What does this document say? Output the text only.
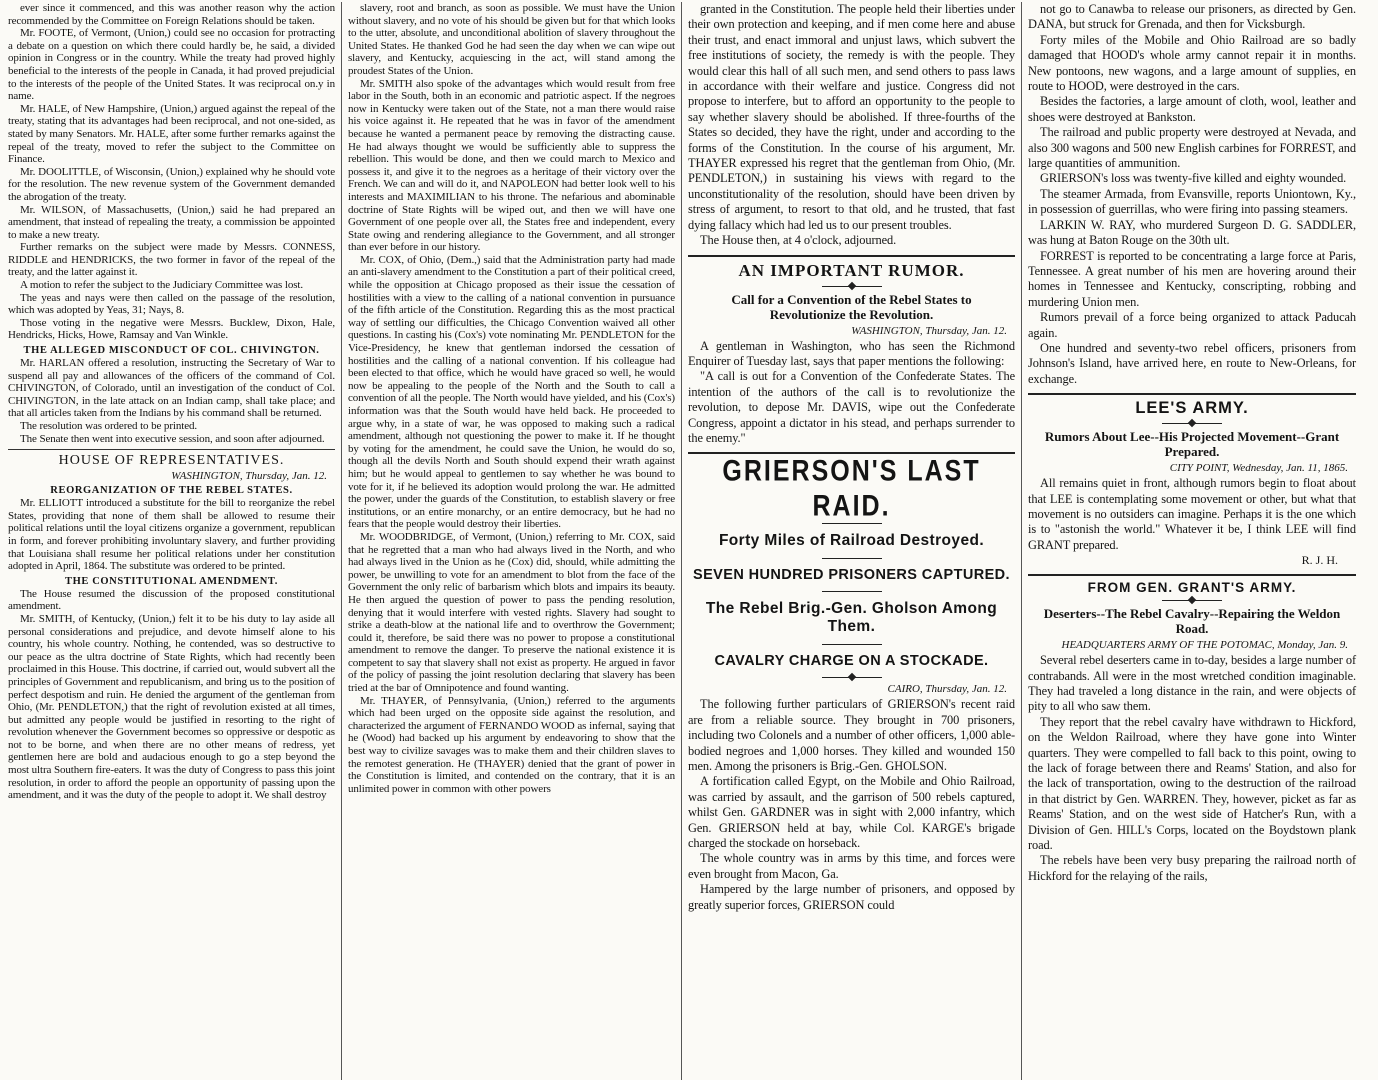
ever since it commenced, and this was another reason why the action recommended by the Committee on Foreign Relations should be taken.

Mr. FOOTE, of Vermont, (Union,) could see no occasion for protracting a debate on a question on which there could hardly be, he said, a divided opinion in Congress or in the country. While the treaty had proved highly beneficial to the interests of the people in Canada, it had proved prejudicial to the interests of the people of the United States. It was reciprocal on.y in name.

Mr. HALE, of New Hampshire, (Union,) argued against the repeal of the treaty, stating that its advantages had been reciprocal, and not one-sided, as stated by many Senators. Mr. HALE, after some further remarks against the repeal of the treaty, moved to refer the subject to the Committee on Finance.

Mr. DOOLITTLE, of Wisconsin, (Union,) explained why he should vote for the resolution. The new revenue system of the Government demanded the abrogation of the treaty.

Mr. WILSON, of Massachusetts, (Union,) said he had prepared an amendment, that instead of repealing the treaty, a commission be appointed to make a new treaty.

Further remarks on the subject were made by Messrs. CONNESS, RIDDLE and HENDRICKS, the two former in favor of the repeal of the treaty, and the latter against it.

A motion to refer the subject to the Judiciary Committee was lost.

The yeas and nays were then called on the passage of the resolution, which was adopted by Yeas, 31; Nays, 8.

Those voting in the negative were Messrs. Bucklew, Dixon, Hale, Hendricks, Hicks, Howe, Ramsay and Van Winkle.

THE ALLEGED MISCONDUCT OF COL. CHIVINGTON.

Mr. HARLAN offered a resolution, instructing the Secretary of War to suspend all pay and allowances of the officers of the command of Col. CHIVINGTON, of Colorado, until an investigation of the conduct of Col. CHIVINGTON, in the late attack on an Indian camp, shall take place; and that all articles taken from the Indians by his command shall be returned.

The resolution was ordered to be printed.

The Senate then went into executive session, and soon after adjourned.

HOUSE OF REPRESENTATIVES.
WASHINGTON, Thursday, Jan. 12.
REORGANIZATION OF THE REBEL STATES.

Mr. ELLIOTT introduced a substitute for the bill to reorganize the rebel States, providing that none of them shall be allowed to resume their political relations until the loyal citizens organize a government, republican in form, and forever prohibiting involuntary slavery, and further providing that Louisiana shall resume her political relations under her constitution adopted in April, 1864. The substitute was ordered to be printed.

THE CONSTITUTIONAL AMENDMENT.

The House resumed the discussion of the proposed constitutional amendment.

Mr. SMITH, of Kentucky, (Union,) felt it to be his duty to lay aside all personal considerations and prejudice, and devote himself alone to his country, his whole country. Nothing, he contended, was so destructive to our peace as the ultra doctrine of State Rights, which had recently been proclaimed in this House. This doctrine, if carried out, would subvert all the principles of Government and republicanism, and bring us to the position of perfect despotism and ruin. He denied the argument of the gentleman from Ohio, (Mr. PENDLETON,) that the right of revolution existed at all times, but admitted any people would be justified in resorting to the right of revolution whenever the Government becomes so oppressive or despotic as not to be borne, and when there are no other means of redress, yet gentlemen here are bold and audacious enough to go a step beyond the most ultra Southern fire-eaters. It was the duty of Congress to pass this joint resolution, in order to afford the people an opportunity of passing upon the amendment, and it was the duty of the people to adopt it. We shall destroy

slavery, root and branch, as soon as possible. We must have the Union without slavery, and no vote of his should be given but for that which looks to the utter, absolute, and unconditional abolition of slavery throughout the United States. He thanked God he had seen the day when we can wipe out slavery, and Kentucky, acquiescing in the act, will stand among the proudest States of the Union.

Mr. SMITH also spoke of the advantages which would result from free labor in the South, both in an economic and patriotic aspect. If the negroes now in Kentucky were taken out of the State, not a man there would raise his voice against it. He repeated that he was in favor of the amendment because he wanted a permanent peace by removing the distracting cause. He had always thought we would be sufficiently able to suppress the rebellion. This would be done, and then we could march to Mexico and possess it, and give it to the negroes as a heritage of their victory over the French. We can and will do it, and NAPOLEON had better look well to his interests and MAXIMILIAN to his throne. The nefarious and abominable doctrine of State Rights will be wiped out, and then we will have one Government of one people over all, the States free and independent, every State owing and rendering allegiance to the Government, and all stronger than ever before in our history.

Mr. COX, of Ohio, (Dem.,) said that the Administration party had made an anti-slavery amendment to the Constitution a part of their political creed, while the opposition at Chicago proposed as their issue the cessation of hostilities with a view to the calling of a national convention in pursuance of the fifth article of the Constitution. Regarding this as the most practical way of settling our difficulties, the Chicago Convention waived all other questions. In casting his (Cox's) vote nominating Mr. PENDLETON for the Vice-Presidency, he knew that gentleman indorsed the cessation of hostilities and the calling of a national convention. If his colleague had been elected to that office, which he would have graced so well, he would now be appealing to the people of the North and the South to call a convention of all the people. The North would have yielded, and his (Cox's) information was that the South would have held back. He proceeded to argue why, in a state of war, he was opposed to making such a radical amendment, although not questioning the power to make it. If he thought by voting for the amendment, he could save the Union, he would do so, though all the devils North and South should expend their wrath against him; but he would appeal to gentlemen to say whether he was bound to vote for it, if he believed its adoption would prolong the war. He admitted the power, under the guards of the Constitution, to establish slavery or free institutions, or an entire monarchy, or an entire democracy, but he had no fears that the people would destroy their liberties.

Mr. WOODBRIDGE, of Vermont, (Union,) referring to Mr. COX, said that he regretted that a man who had always lived in the North, and who had always lived in the Union as he (Cox) did, should, while admitting the power, be unwilling to vote for an amendment to blot from the face of the Government the only relic of barbarism which blots and impairs its beauty. He then argued the question of power to pass the pending resolution, denying that it would interfere with vested rights. Slavery had sought to strike a death-blow at the national life and to overthrow the Government; could it, therefore, be said there was no power to propose a constitutional amendment to remove the danger. To preserve the national existence it is competent to say that slavery shall not exist as property. He argued in favor of the policy of passing the joint resolution declaring that slavery has been tried at the bar of Omnipotence and found wanting.

Mr. THAYER, of Pennsylvania, (Union,) referred to the arguments which had been urged on the opposite side against the resolution, and characterized the argument of FERNANDO WOOD as infernal, saying that he (Wood) had backed up his argument by endeavoring to show that the best way to civilize savages was to make them and their children slaves to the remotest generation. He (THAYER) denied that the grant of power in the Constitution is limited, and contended on the contrary, that it is an unlimited power in common with other powers

granted in the Constitution. The people held their liberties under their own protection and keeping, and if men come here and abuse their trust, and enact immoral and unjust laws, which subvert the free institutions of society, the remedy is with the people. They would clear this hall of all such men, and send others to pass laws in accordance with their welfare and justice. Congress did not propose to interfere, but to afford an opportunity to the people to say whether slavery should be abolished. If three-fourths of the States so decided, they have the right, under and according to the forms of the Constitution. In the course of his argument, Mr. THAYER expressed his regret that the gentleman from Ohio, (Mr. PENDLETON,) in sustaining his views with regard to the unconstitutionality of the resolution, should have been driven by stress of argument, to resort to that old, and he trusted, that fast dying fallacy which had led us to our present troubles.

The House then, at 4 o'clock, adjourned.

AN IMPORTANT RUMOR.
Call for a Convention of the Rebel States to Revolutionize the Revolution.
WASHINGTON, Thursday, Jan. 12.

A gentleman in Washington, who has seen the Richmond Enquirer of Tuesday last, says that paper mentions the following:

"A call is out for a Convention of the Confederate States. The intention of the authors of the call is to revolutionize the revolution, to depose Mr. DAVIS, wipe out the Confederate Congress, appoint a dictator in his stead, and perhaps surrender to the enemy."

GRIERSON'S LAST RAID.
Forty Miles of Railroad Destroyed.
SEVEN HUNDRED PRISONERS CAPTURED.
The Rebel Brig.-Gen. Gholson Among Them.
CAVALRY CHARGE ON A STOCKADE.
CAIRO, Thursday, Jan. 12.

The following further particulars of GRIERSON's recent raid are from a reliable source. They brought in 700 prisoners, including two Colonels and a number of other officers, 1,000 able-bodied negroes and 1,000 horses. They killed and wounded 150 men. Among the prisoners is Brig.-Gen. GHOLSON.

A fortification called Egypt, on the Mobile and Ohio Railroad, was carried by assault, and the garrison of 500 rebels captured, whilst Gen. GARDNER was in sight with 2,000 infantry, which Gen. GRIERSON held at bay, while Col. KARGE's brigade charged the stockade on horseback.

The whole country was in arms by this time, and forces were even brought from Macon, Ga.

Hampered by the large number of prisoners, and opposed by greatly superior forces, GRIERSON could

not go to Canawba to release our prisoners, as directed by Gen. DANA, but struck for Grenada, and then for Vicksburgh.

Forty miles of the Mobile and Ohio Railroad are so badly damaged that HOOD's whole army cannot repair it in months. New pontoons, new wagons, and a large amount of supplies, en route to HOOD, were destroyed in the cars.

Besides the factories, a large amount of cloth, wool, leather and shoes were destroyed at Bankston.

The railroad and public property were destroyed at Nevada, and also 300 wagons and 500 new English carbines for FORREST, and large quantities of ammunition.

GRIERSON's loss was twenty-five killed and eighty wounded.

The steamer Armada, from Evansville, reports Uniontown, Ky., in possession of guerrillas, who were firing into passing steamers.

LARKIN W. RAY, who murdered Surgeon D. G. SADDLER, was hung at Baton Rouge on the 30th ult.

FORREST is reported to be concentrating a large force at Paris, Tennessee. A great number of his men are hovering around their homes in Tennessee and Kentucky, conscripting, robbing and murdering Union men.

Rumors prevail of a force being organized to attack Paducah again.

One hundred and seventy-two rebel officers, prisoners from Johnson's Island, have arrived here, en route to New-Orleans, for exchange.

LEE'S ARMY.
Rumors About Lee--His Projected Movement--Grant Prepared.
CITY POINT, Wednesday, Jan. 11, 1865.

All remains quiet in front, although rumors begin to float about that LEE is contemplating some movement or other, but what that movement is no outsiders can imagine. Perhaps it is the one which is to "astonish the world." Whatever it be, I think LEE will find GRANT prepared.

R. J. H.
FROM GEN. GRANT'S ARMY.
Deserters--The Rebel Cavalry--Repairing the Weldon Road.
HEADQUARTERS ARMY OF THE POTOMAC, Monday, Jan. 9.

Several rebel deserters came in to-day, besides a large number of contrabands. All were in the most wretched condition imaginable. They had traveled a long distance in the rain, and were objects of pity to all who saw them.

They report that the rebel cavalry have withdrawn to Hickford, on the Weldon Railroad, where they have gone into Winter quarters. They were compelled to fall back to this point, owing to the lack of forage between there and Reams' Station, and also for the lack of transportation, owing to the destruction of the railroad in that district by Gen. WARREN. They, however, picket as far as Reams' Station, and on the west side of Hatcher's Run, with a Division of Gen. HILL's Corps, located on the Boydstown plank road.

The rebels have been very busy preparing the railroad north of Hickford for the relaying of the rails,
